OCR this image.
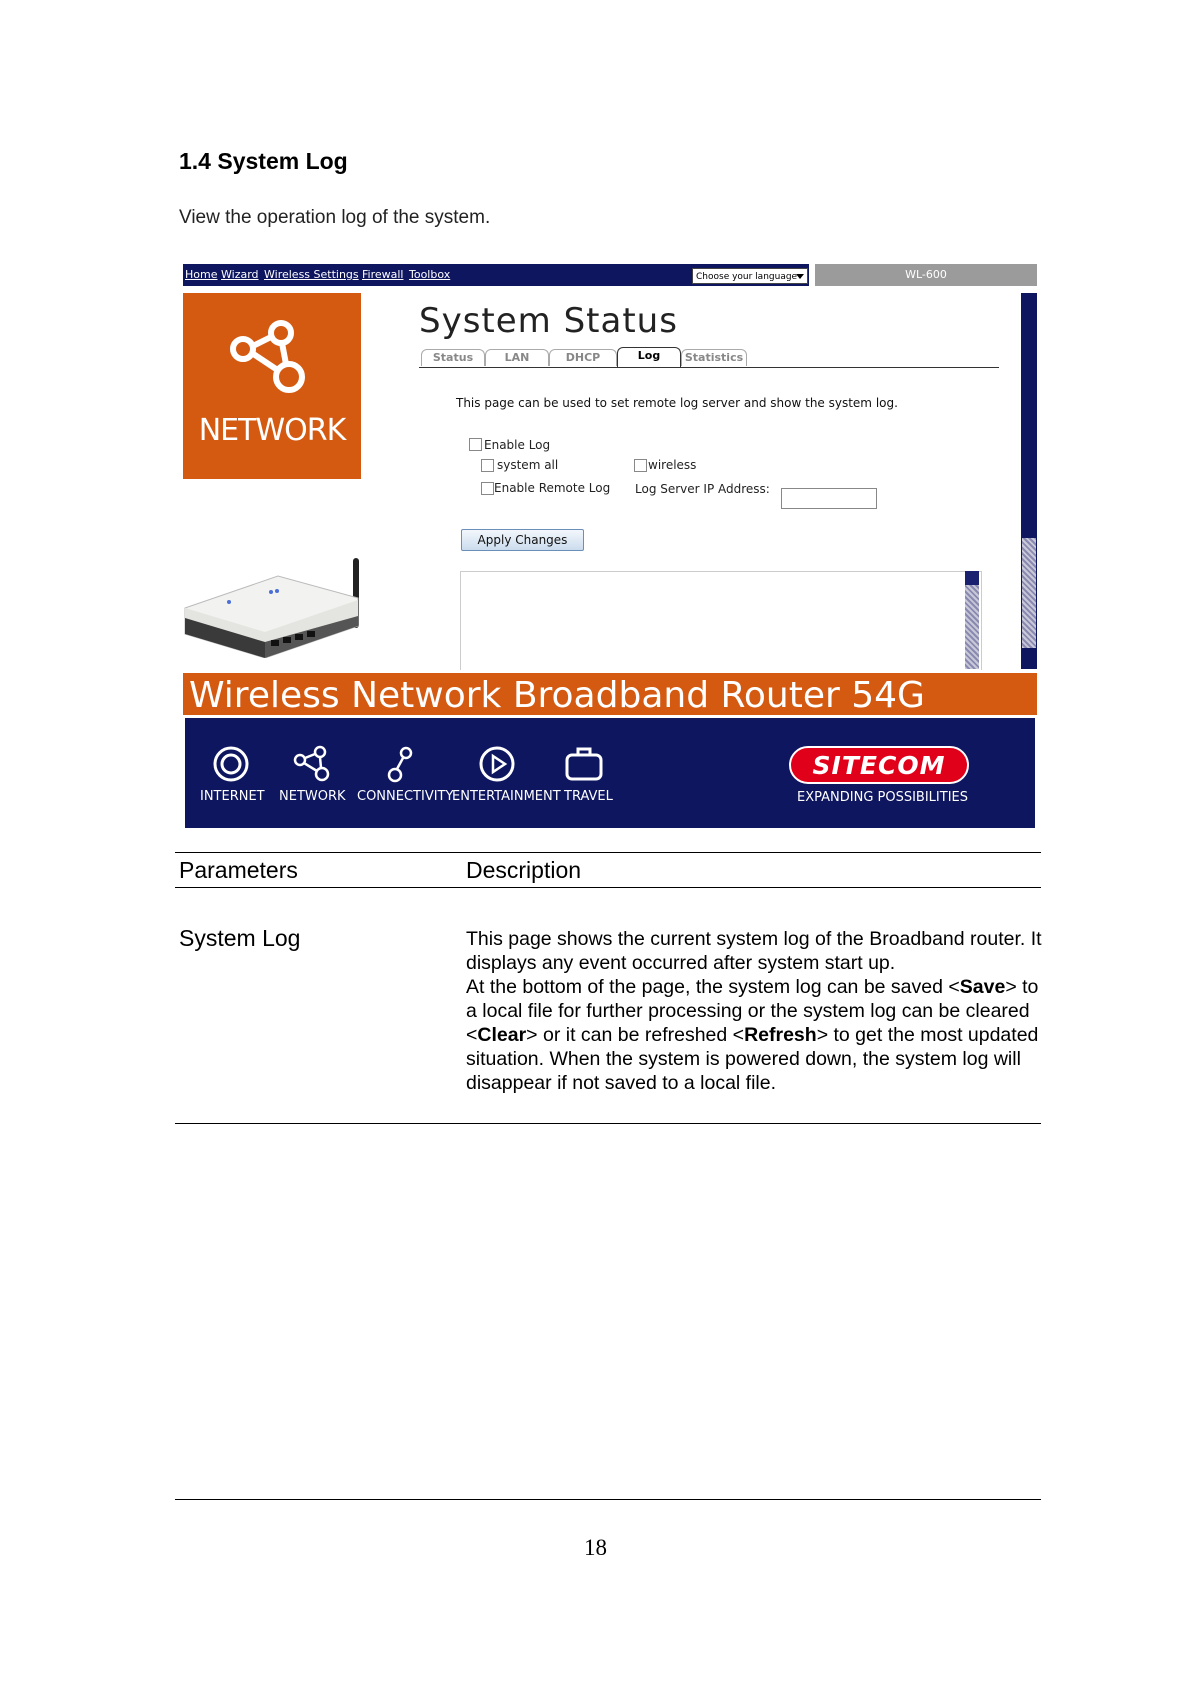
1.4 System Log
View the operation log of the system.
Home Wizard Wireless Settings Firewall Toolbox	Choose your language	WL-600
NETWORK
System Status
Status	LAN	DHCP	Log	Statistics
This page can be used to set remote log server and show the system log.
Enable Log
system all	wireless
Enable Remote Log Log Server IP Address:
Apply Changes
Wireless Network Broadband Router 54G
INTERNET NETWORK CONNECTIVITY
ENTERTAINMENT TRAVEL
SITECOM
EXPANDING POSSIBILITIES
Parameters	Description
System Log	This page shows the current system log of the Broadband router. It displays any event occurred after system start up.

At the bottom of the page, the system log can be saved <Save> to a local file for further processing or the system log can be cleared <Clear> or it can be refreshed <Refresh> to get the most updated situation. When the system is powered down, the system log will disappear if not saved to a local file.

18
